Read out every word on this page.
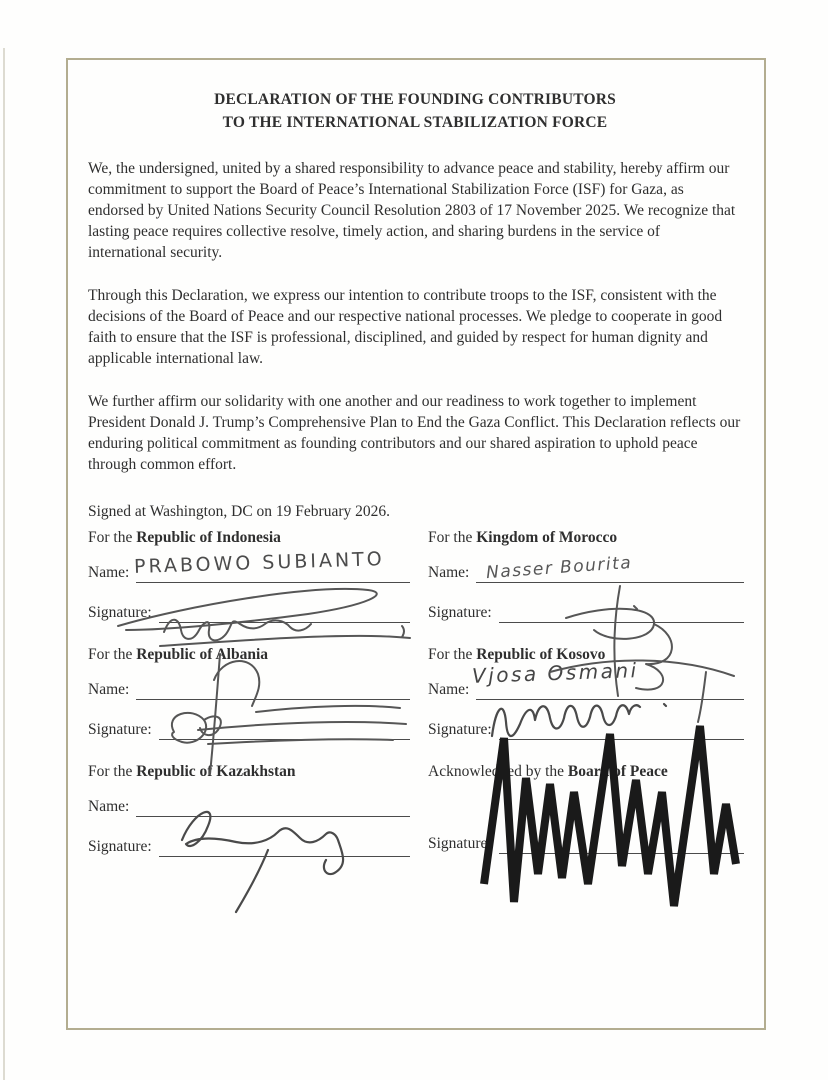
DECLARATION OF THE FOUNDING CONTRIBUTORS
TO THE INTERNATIONAL STABILIZATION FORCE

We, the undersigned, united by a shared responsibility to advance peace and stability, hereby affirm our commitment to support the Board of Peace’s International Stabilization Force (ISF) for Gaza, as endorsed by United Nations Security Council Resolution 2803 of 17 November 2025. We recognize that lasting peace requires collective resolve, timely action, and sharing burdens in the service of international security.

Through this Declaration, we express our intention to contribute troops to the ISF, consistent with the decisions of the Board of Peace and our respective national processes. We pledge to cooperate in good faith to ensure that the ISF is professional, disciplined, and guided by respect for human dignity and applicable international law.

We further affirm our solidarity with one another and our readiness to work together to implement President Donald J. Trump’s Comprehensive Plan to End the Gaza Conflict. This Declaration reflects our enduring political commitment as founding contributors and our shared aspiration to uphold peace through common effort.

Signed at Washington, DC on 19 February 2026.
For the Republic of Indonesia
Name:
Signature:
PRABOWO SUBIANTO
For the Kingdom of Morocco
Name:
Signature:
Nasser Bourita
For the Republic of Albania
Name:
Signature:
For the Republic of Kosovo
Name:
Signature:
Vjosa Osmani
For the Republic of Kazakhstan
Name:
Signature:
Acknowledged by the Board of Peace
Signature:
